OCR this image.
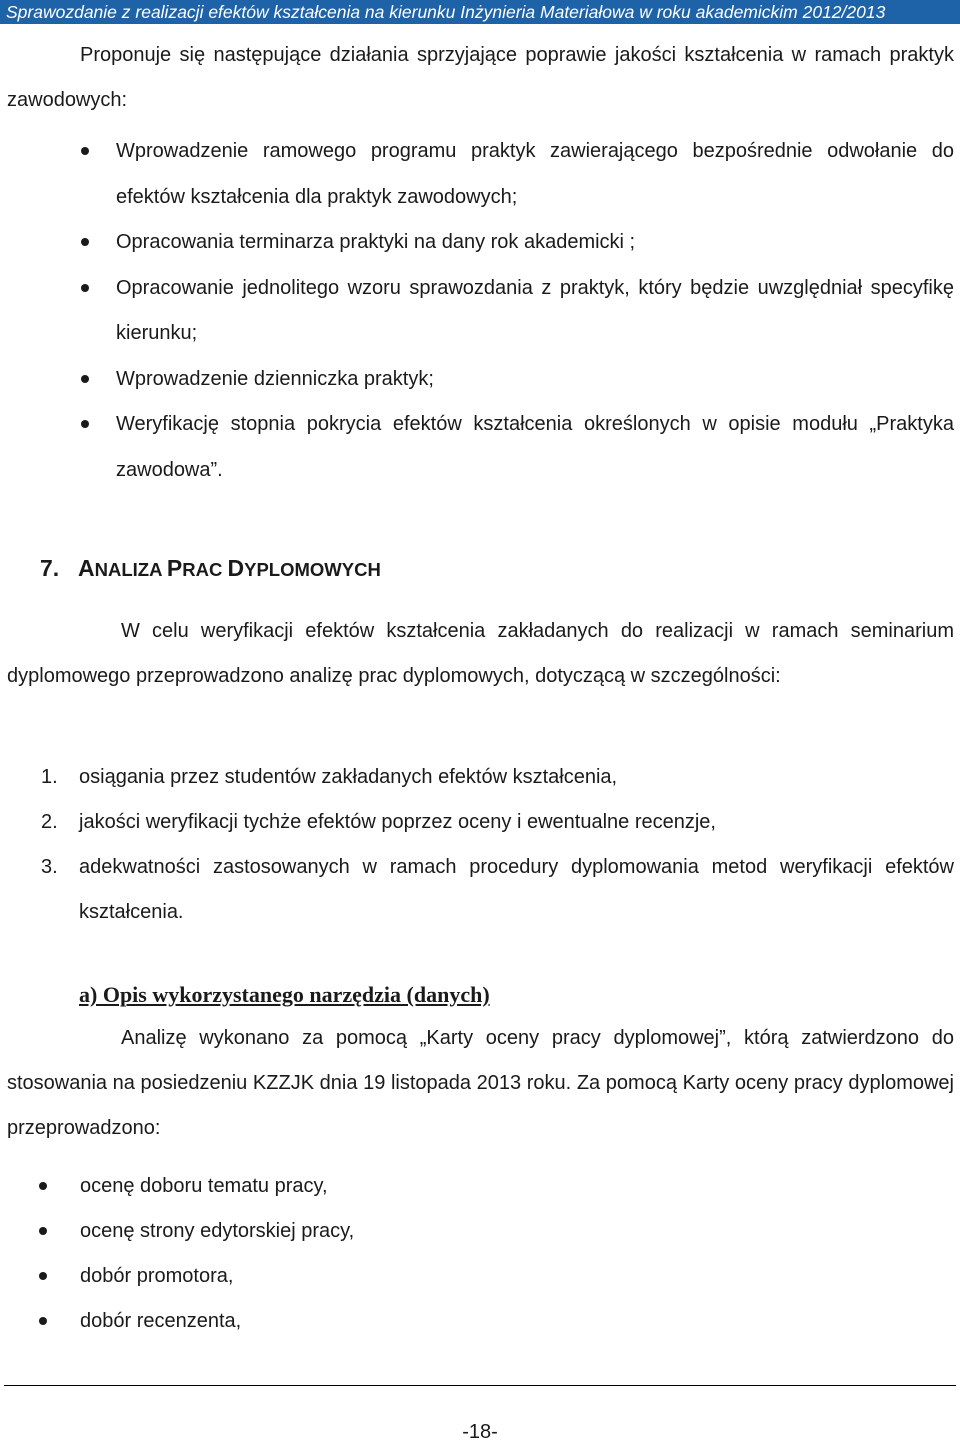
Sprawozdanie z realizacji efektów kształcenia na kierunku Inżynieria Materiałowa w roku akademickim 2012/2013

Proponuje się następujące działania sprzyjające poprawie jakości kształcenia w ramach praktyk zawodowych:

Wprowadzenie ramowego programu praktyk zawierającego bezpośrednie odwołanie do efektów kształcenia dla praktyk zawodowych;
Opracowania terminarza praktyki na dany rok akademicki ;
Opracowanie jednolitego wzoru sprawozdania z praktyk, który będzie uwzględniał specyfikę kierunku;
Wprowadzenie dzienniczka praktyk;
Weryfikację stopnia pokrycia efektów kształcenia określonych w opisie modułu „Praktyka zawodowa”.
7. ANALIZA PRAC DYPLOMOWYCH

W celu weryfikacji efektów kształcenia zakładanych do realizacji w ramach seminarium dyplomowego przeprowadzono analizę prac dyplomowych, dotyczącą w szczególności:

1. osiągania przez studentów zakładanych efektów kształcenia,
2. jakości weryfikacji tychże efektów poprzez oceny i ewentualne recenzje,
3. adekwatności zastosowanych w ramach procedury dyplomowania metod weryfikacji efektów kształcenia.
a) Opis wykorzystanego narzędzia (danych)

Analizę wykonano za pomocą „Karty oceny pracy dyplomowej”, którą zatwierdzono do stosowania na posiedzeniu KZZJK dnia 19 listopada 2013 roku. Za pomocą Karty oceny pracy dyplomowej przeprowadzono:

ocenę doboru tematu pracy,
ocenę strony edytorskiej pracy,
dobór promotora,
dobór recenzenta,
-18-
